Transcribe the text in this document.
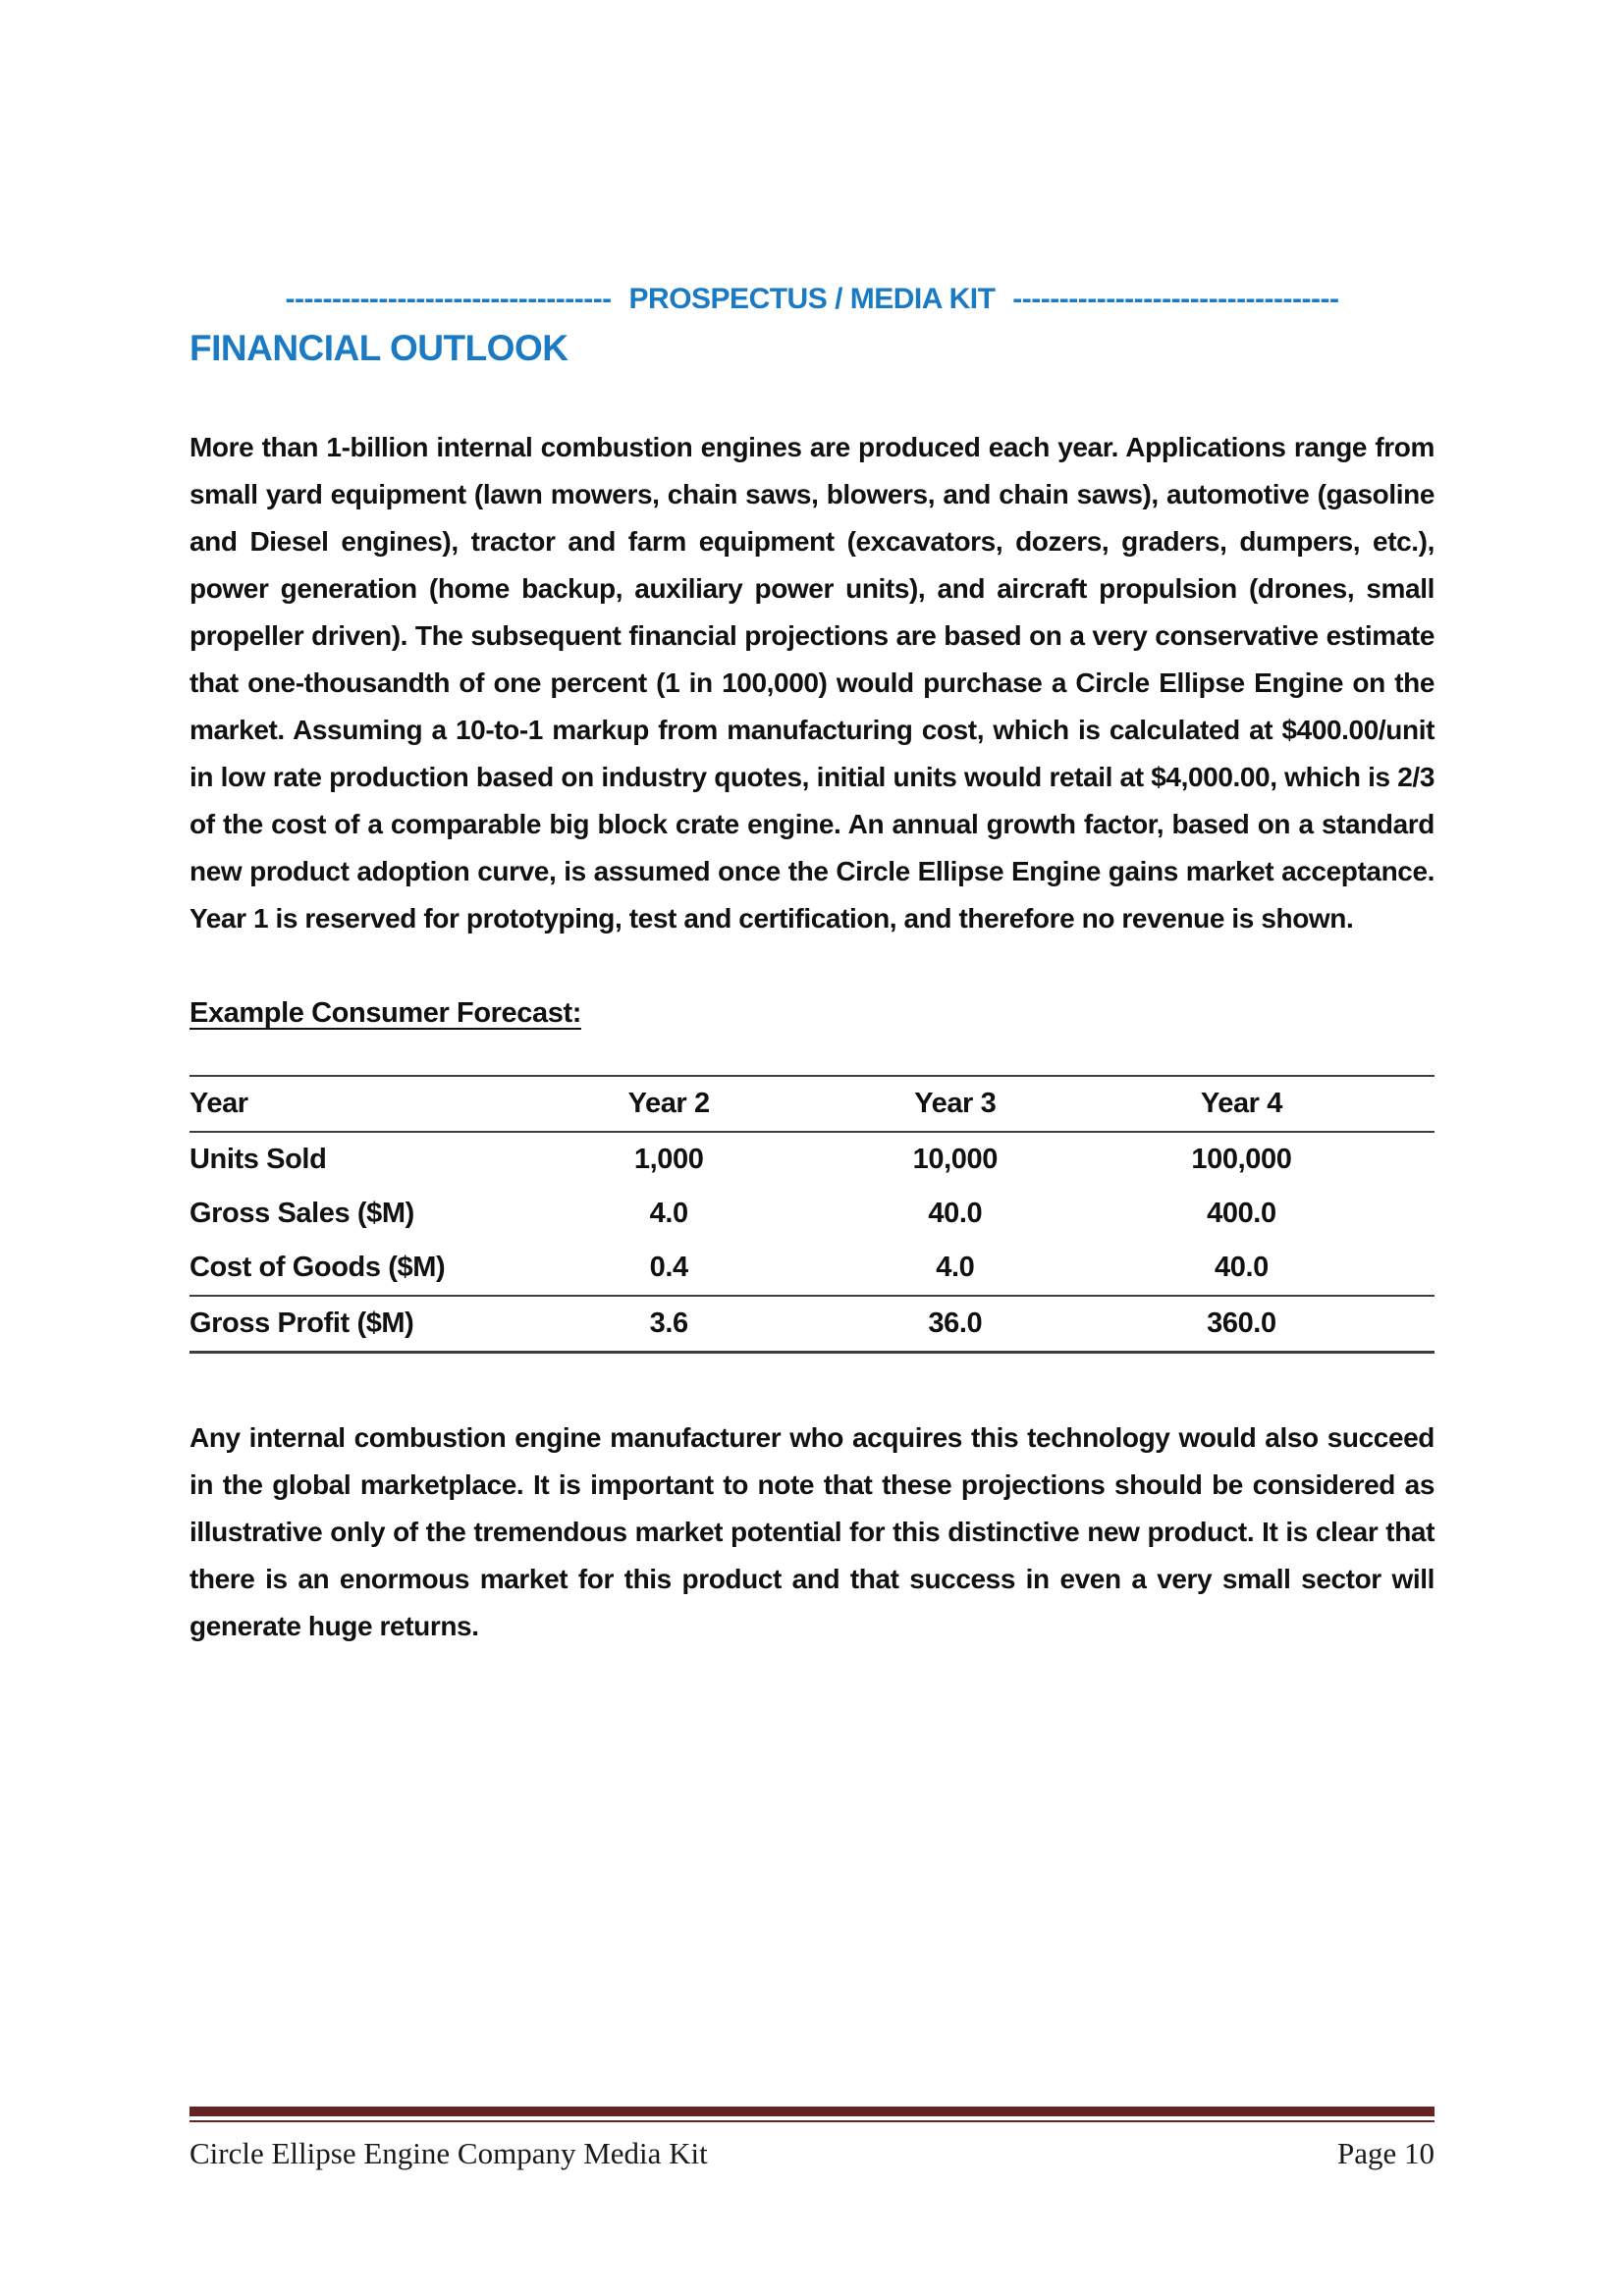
----------------------------------- PROSPECTUS / MEDIA KIT -----------------------------------
FINANCIAL OUTLOOK

More than 1-billion internal combustion engines are produced each year. Applications range from small yard equipment (lawn mowers, chain saws, blowers, and chain saws), automotive (gasoline and Diesel engines), tractor and farm equipment (excavators, dozers, graders, dumpers, etc.), power generation (home backup, auxiliary power units), and aircraft propulsion (drones, small propeller driven). The subsequent financial projections are based on a very conservative estimate that one-thousandth of one percent (1 in 100,000) would purchase a Circle Ellipse Engine on the market. Assuming a 10-to-1 markup from manufacturing cost, which is calculated at $400.00/unit in low rate production based on industry quotes, initial units would retail at $4,000.00, which is 2/3 of the cost of a comparable big block crate engine. An annual growth factor, based on a standard new product adoption curve, is assumed once the Circle Ellipse Engine gains market acceptance. Year 1 is reserved for prototyping, test and certification, and therefore no revenue is shown.

Example Consumer Forecast:
Year	Year 2	Year 3	Year 4	
Units Sold	1,000	10,000	100,000	
Gross Sales ($M)	4.0	40.0	400.0	
Cost of Goods ($M)	0.4	4.0	40.0	
Gross Profit ($M)	3.6	36.0	360.0	

Any internal combustion engine manufacturer who acquires this technology would also succeed in the global marketplace. It is important to note that these projections should be considered as illustrative only of the tremendous market potential for this distinctive new product. It is clear that there is an enormous market for this product and that success in even a very small sector will generate huge returns.

Circle Ellipse Engine Company Media Kit	Page 10
